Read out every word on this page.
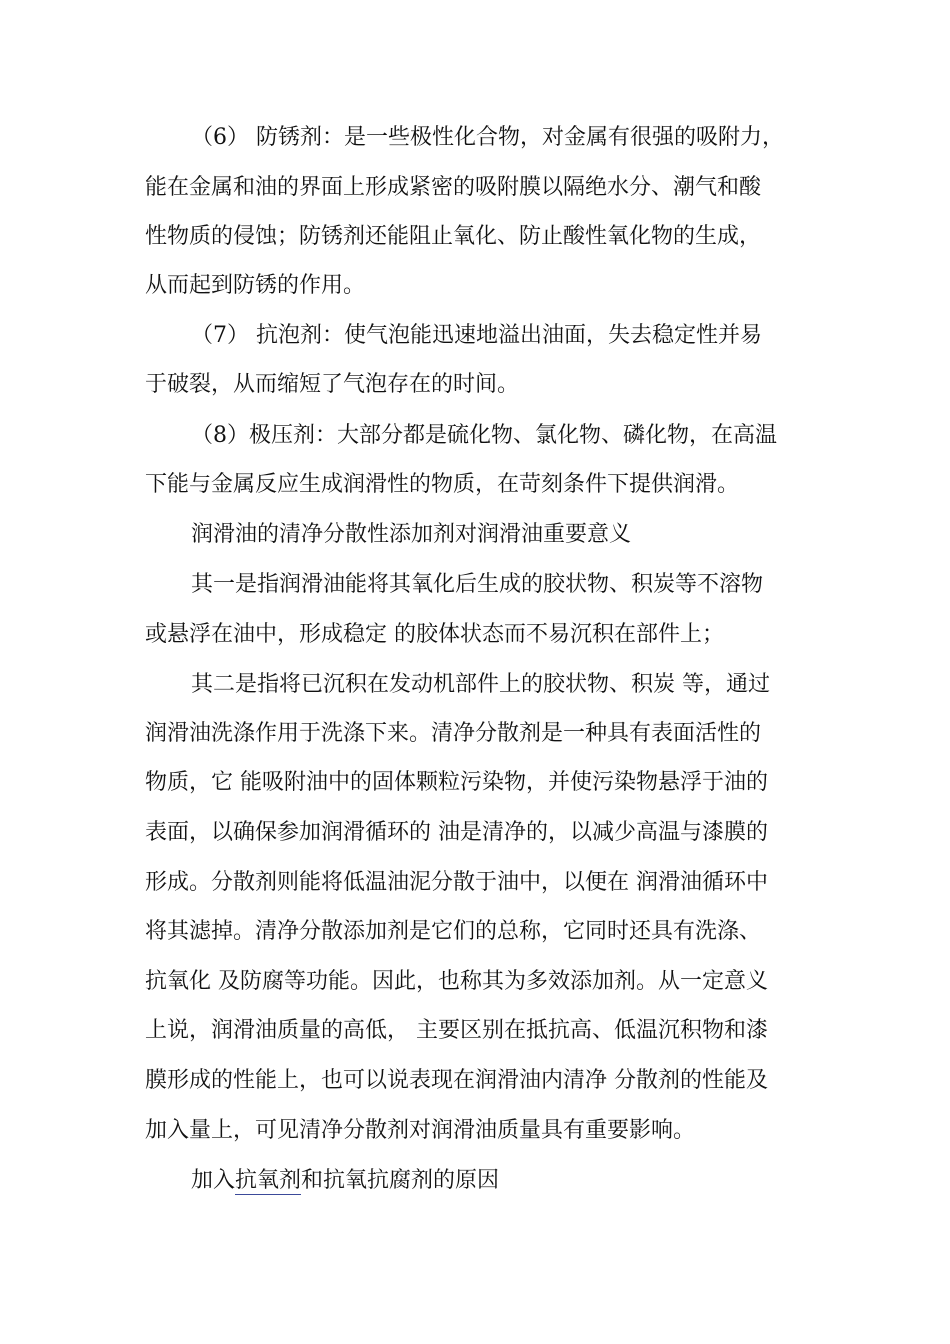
（6） 防锈剂：是一些极性化合物，对金属有很强的吸附力，
能在金属和油的界面上形成紧密的吸附膜以隔绝水分、潮气和酸
性物质的侵蚀；防锈剂还能阻止氧化、防止酸性氧化物的生成，
从而起到防锈的作用。
（7） 抗泡剂：使气泡能迅速地溢出油面，失去稳定性并易
于破裂，从而缩短了气泡存在的时间。
（8）极压剂：大部分都是硫化物、氯化物、磷化物，在高温
下能与金属反应生成润滑性的物质，在苛刻条件下提供润滑。
润滑油的清净分散性添加剂对润滑油重要意义
其一是指润滑油能将其氧化后生成的胶状物、积炭等不溶物
或悬浮在油中，形成稳定 的胶体状态而不易沉积在部件上；
其二是指将已沉积在发动机部件上的胶状物、积炭 等，通过
润滑油洗涤作用于洗涤下来。清净分散剂是一种具有表面活性的
物质，它 能吸附油中的固体颗粒污染物，并使污染物悬浮于油的
表面，以确保参加润滑循环的 油是清净的，以减少高温与漆膜的
形成。分散剂则能将低温油泥分散于油中，以便在 润滑油循环中
将其滤掉。清净分散添加剂是它们的总称，它同时还具有洗涤、
抗氧化 及防腐等功能。因此，也称其为多效添加剂。从一定意义
上说，润滑油质量的高低， 主要区别在抵抗高、低温沉积物和漆
膜形成的性能上，也可以说表现在润滑油内清净 分散剂的性能及
加入量上，可见清净分散剂对润滑油质量具有重要影响。
加入抗氧剂和抗氧抗腐剂的原因
